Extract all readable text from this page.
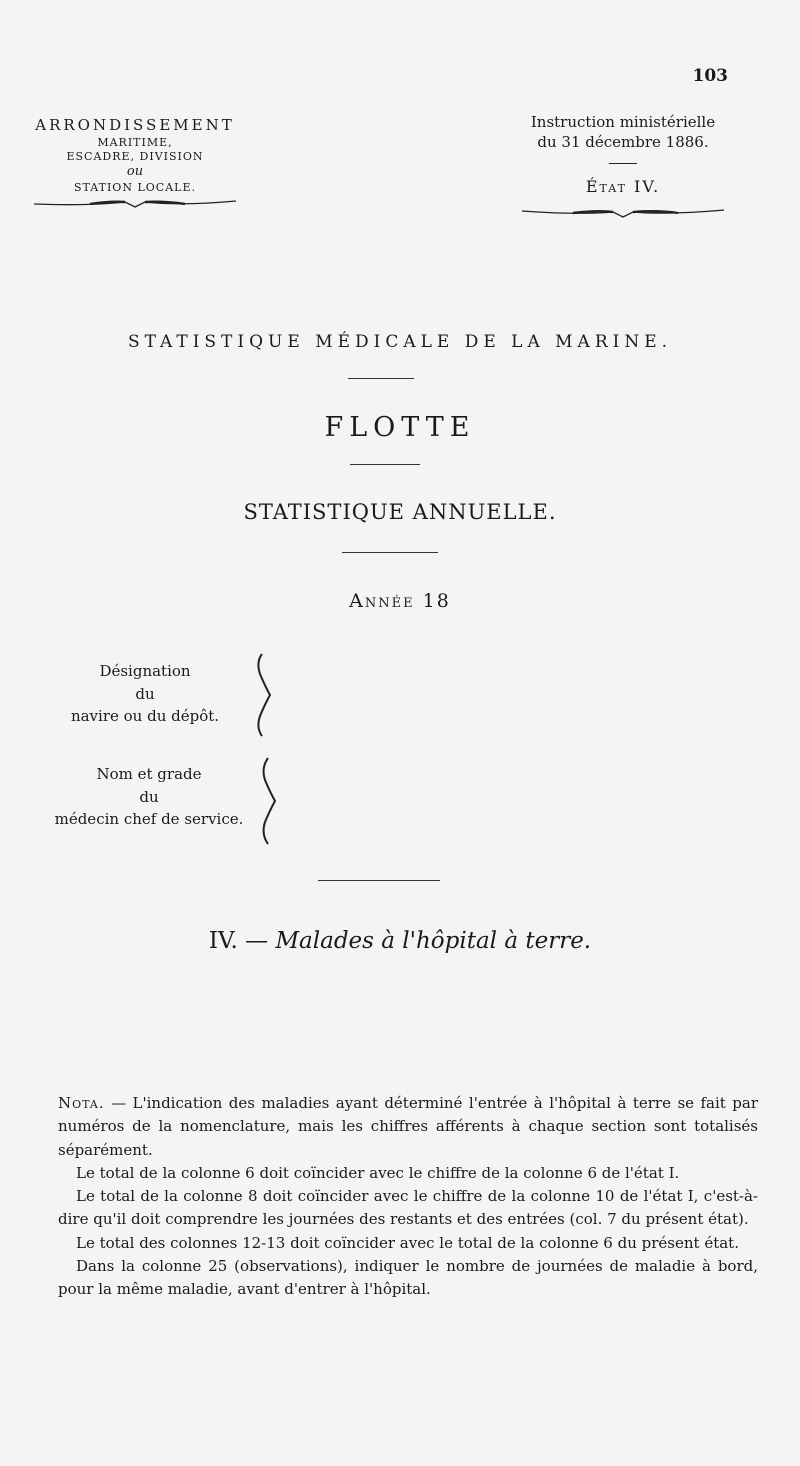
103
ARRONDISSEMENT
MARITIME,
ESCADRE, DIVISION
ou
STATION LOCALE.
Instruction ministérielle
du 31 décembre 1886.
État IV.
STATISTIQUE MÉDICALE DE LA MARINE.
FLOTTE
STATISTIQUE ANNUELLE.
Année 18
Désignation
du
navire ou du dépôt.
Nom et grade
du
médecin chef de service.
IV. — Malades à l'hôpital à terre.

Nota. — L'indication des maladies ayant déterminé l'entrée à l'hôpital à terre se fait par numéros de la nomenclature, mais les chiffres afférents à chaque section sont totalisés séparément.

Le total de la colonne 6 doit coïncider avec le chiffre de la colonne 6 de l'état I.

Le total de la colonne 8 doit coïncider avec le chiffre de la colonne 10 de l'état I, c'est-à-dire qu'il doit comprendre les journées des restants et des entrées (col. 7 du présent état).

Le total des colonnes 12-13 doit coïncider avec le total de la colonne 6 du présent état.

Dans la colonne 25 (observations), indiquer le nombre de journées de maladie à bord, pour la même maladie, avant d'entrer à l'hôpital.
